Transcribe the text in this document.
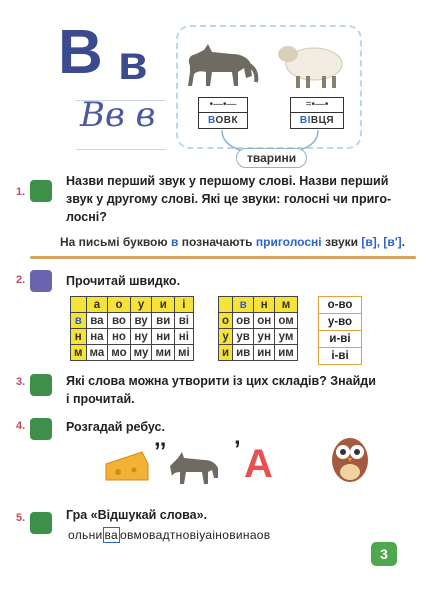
В в
Вв в	•—•—
ВОВК
=•—•
ВІВЦЯ
тварини
1.
Назви перший звук у першому слові. Назви перший
звук у другому слові. Які це звуки: голосні чи приго-
лосні?
На письмі буквою в позначають приголосні звуки [в], [в'].
2.	Прочитай швидко.
	а	о	у	и	і
в	ва	во	ву	ви	ві
н	на	но	ну	ни	ні
м	ма	мо	му	ми	мі
	в	н	м
о	ов	он	ом
у	ув	ун	ум
и	ив	ин	им
о-во
у-во
и-ві
і-ві
3.	Які слова можна утворити із цих складів? Знайди
і прочитай.
4.	Розгадай ребус.
’’	’ А
5.	Гра «Відшукай слова».
ольни ва овмовадтновіуаіновинаов
3
